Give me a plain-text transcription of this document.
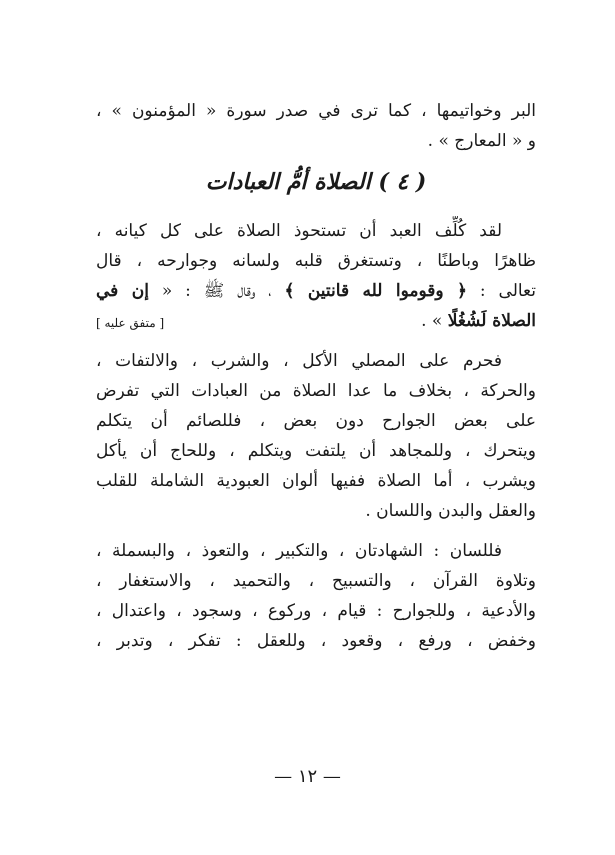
البر وخواتيمها ، كما ترى في صدر سورة « المؤمنون » ،
و « المعارج » .
( ٤ ) الصلاة أمُّ العبادات
لقد كُلِّف العبد أن تستحوذ الصلاة على كل كيانه ،
ظاهرًا وباطنًا ، وتستغرق قلبه ولسانه وجوارحه ، قال
تعالى : ﴿ وقوموا لله قانتين ﴾ ، وقال ﷺ : « إن في
الصلاة لَشُغُلًا » .
[ متفق عليه ]
فحرم على المصلي الأكل ، والشرب ، والالتفات ،
والحركة ، بخلاف ما عدا الصلاة من العبادات التي تفرض
على بعض الجوارح دون بعض ، فللصائم أن يتكلم
ويتحرك ، وللمجاهد أن يلتفت ويتكلم ، وللحاج أن يأكل
ويشرب ، أما الصلاة ففيها ألوان العبودية الشاملة للقلب
والعقل والبدن واللسان .
فللسان : الشهادتان ، والتكبير ، والتعوذ ، والبسملة ،
وتلاوة القرآن ، والتسبيح ، والتحميد ، والاستغفار ،
والأدعية ، وللجوارح : قيام ، وركوع ، وسجود ، واعتدال ،
وخفض ، ورفع ، وقعود ، وللعقل : تفكر ، وتدبر ،
— ١٢ —
